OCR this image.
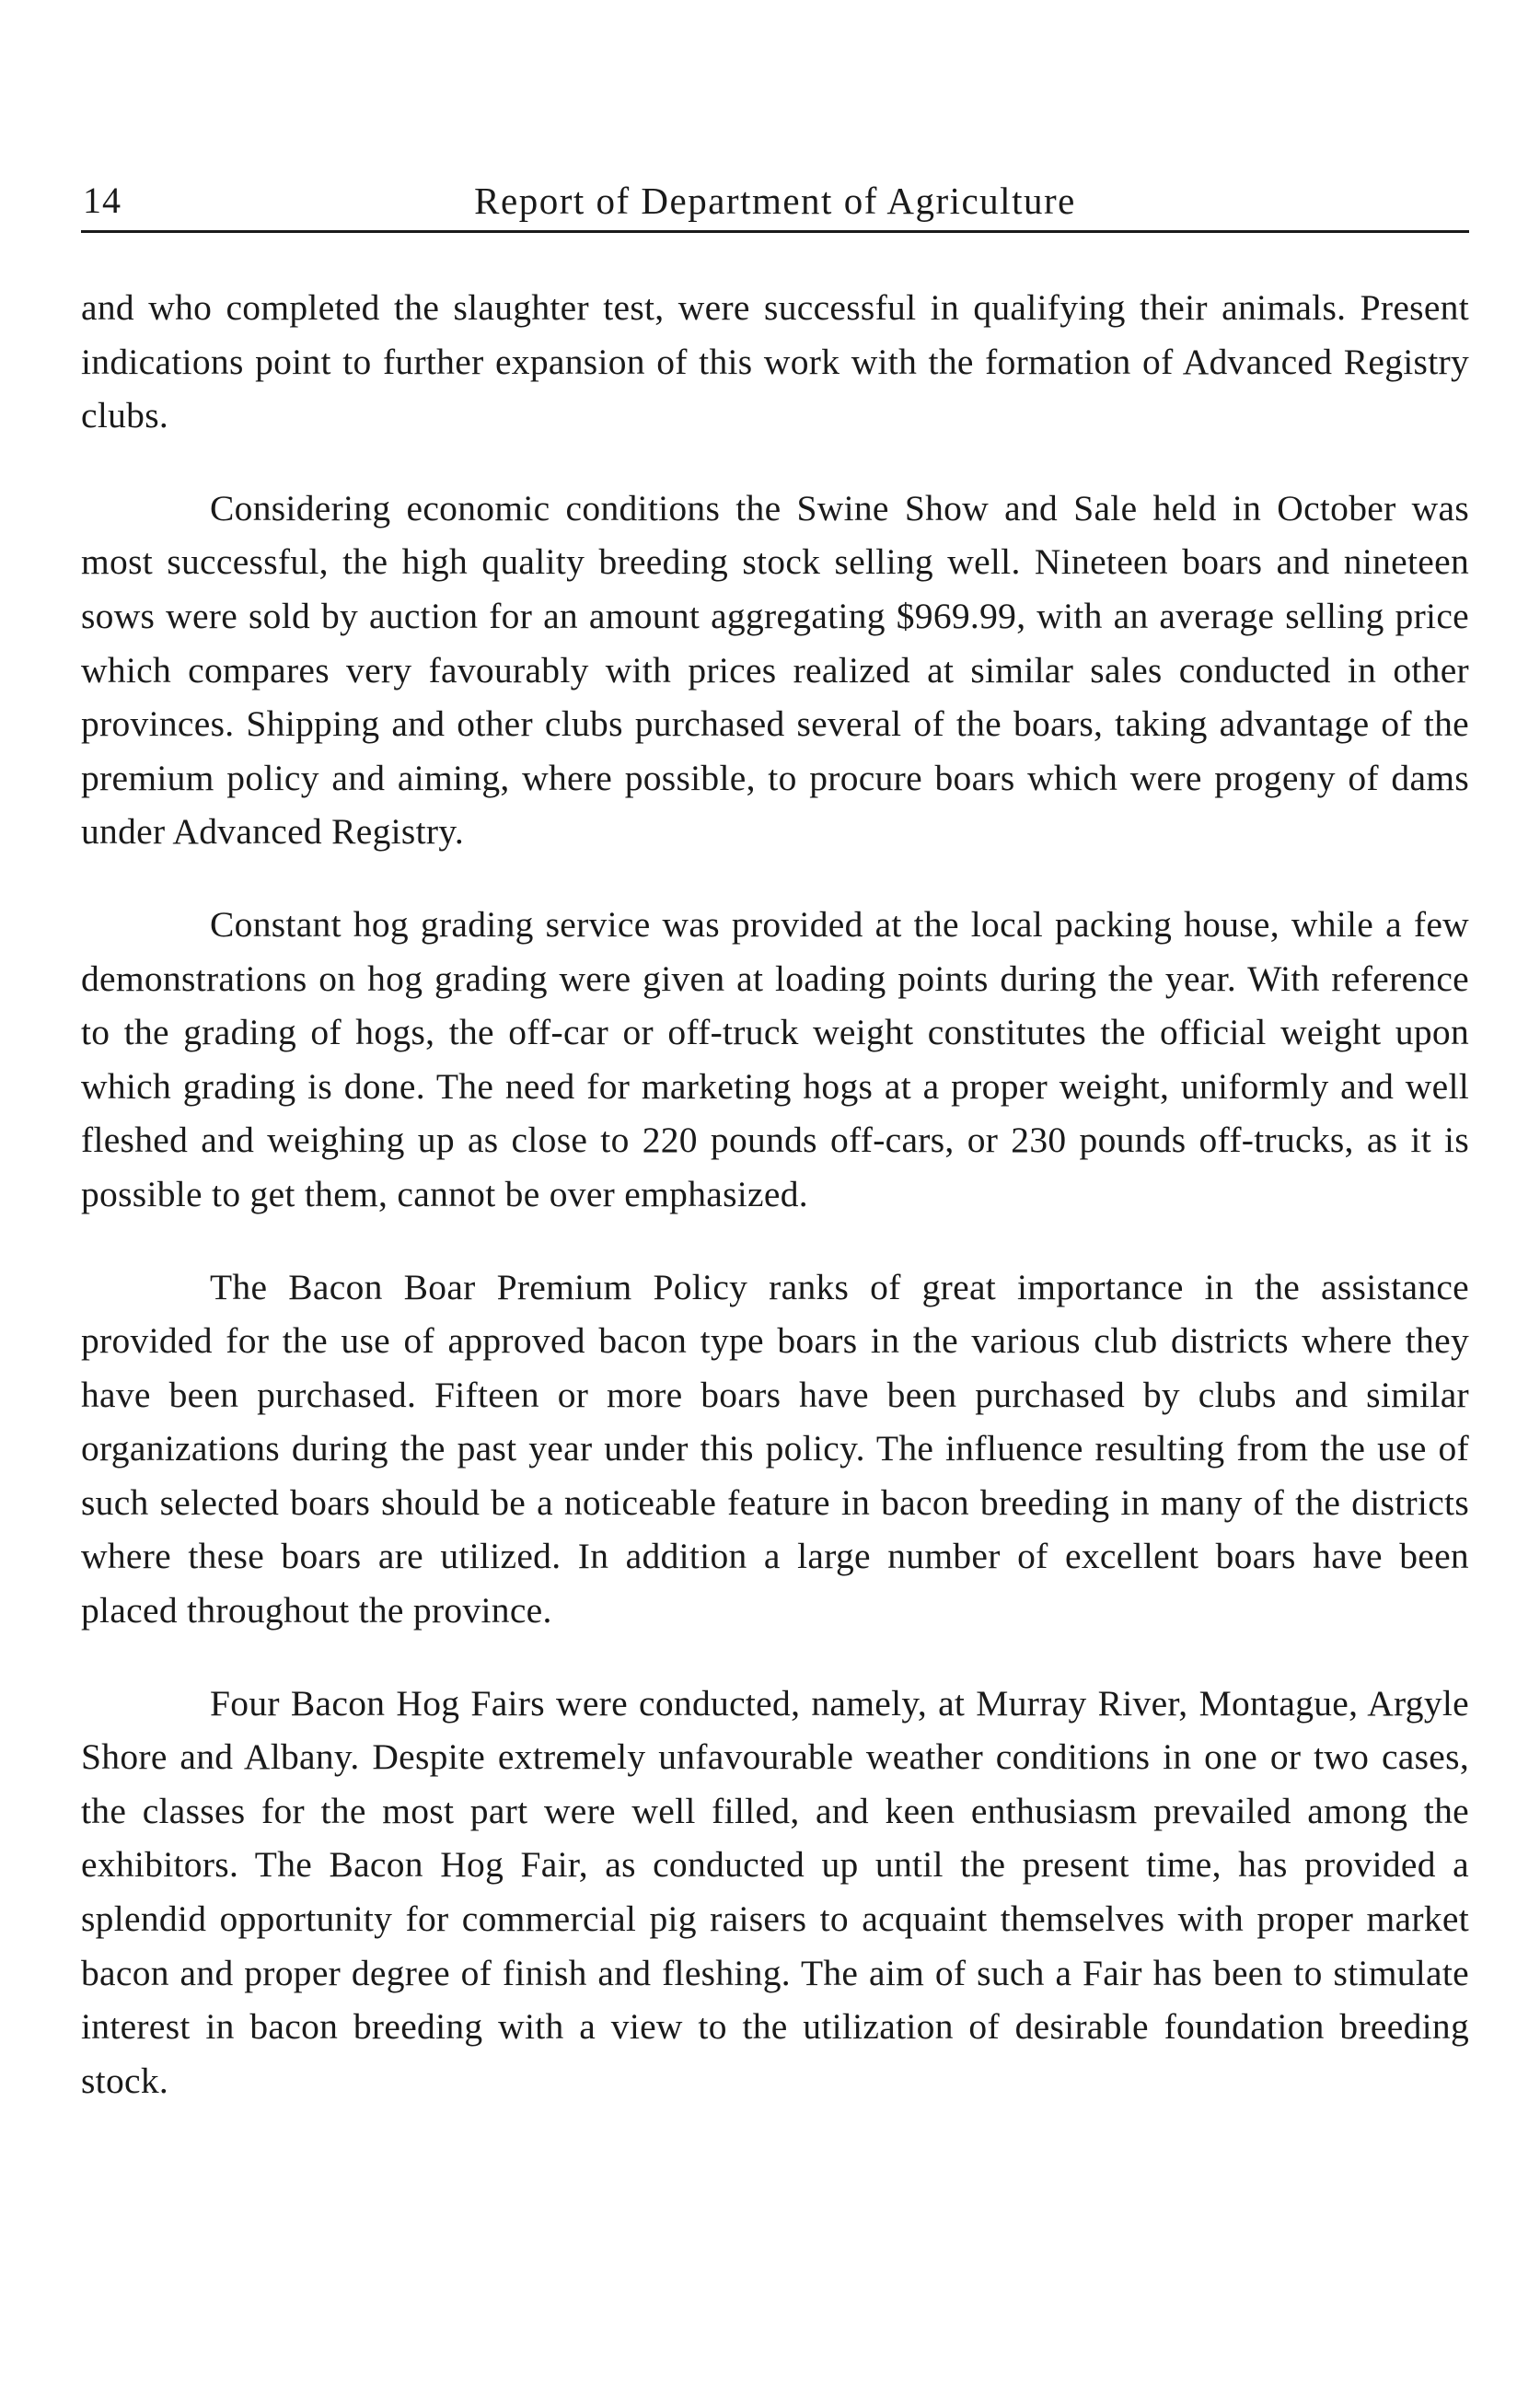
14	Report of Department of Agriculture

and who completed the slaughter test, were successful in qualifying their animals. Present indications point to further expansion of this work with the formation of Advanced Registry clubs.

Considering economic conditions the Swine Show and Sale held in October was most successful, the high quality breeding stock selling well. Nineteen boars and nineteen sows were sold by auction for an amount aggregating $969.99, with an average selling price which compares very favourably with prices realized at similar sales conducted in other provinces. Shipping and other clubs purchased several of the boars, taking advantage of the premium policy and aiming, where possible, to procure boars which were progeny of dams under Advanced Registry.

Constant hog grading service was provided at the local packing house, while a few demonstrations on hog grading were given at loading points during the year. With reference to the grading of hogs, the off-car or off-truck weight constitutes the official weight upon which grading is done. The need for marketing hogs at a proper weight, uniformly and well fleshed and weighing up as close to 220 pounds off-cars, or 230 pounds off-trucks, as it is possible to get them, cannot be over emphasized.

The Bacon Boar Premium Policy ranks of great importance in the assistance provided for the use of approved bacon type boars in the various club districts where they have been purchased. Fifteen or more boars have been purchased by clubs and similar organizations during the past year under this policy. The influence resulting from the use of such selected boars should be a noticeable feature in bacon breeding in many of the districts where these boars are utilized. In addition a large number of excellent boars have been placed throughout the province.

Four Bacon Hog Fairs were conducted, namely, at Murray River, Montague, Argyle Shore and Albany. Despite extremely unfavourable weather conditions in one or two cases, the classes for the most part were well filled, and keen enthusiasm prevailed among the exhibitors. The Bacon Hog Fair, as conducted up until the present time, has provided a splendid opportunity for commercial pig raisers to acquaint themselves with proper market bacon and proper degree of finish and fleshing. The aim of such a Fair has been to stimulate interest in bacon breeding with a view to the utilization of desirable foundation breeding stock.
